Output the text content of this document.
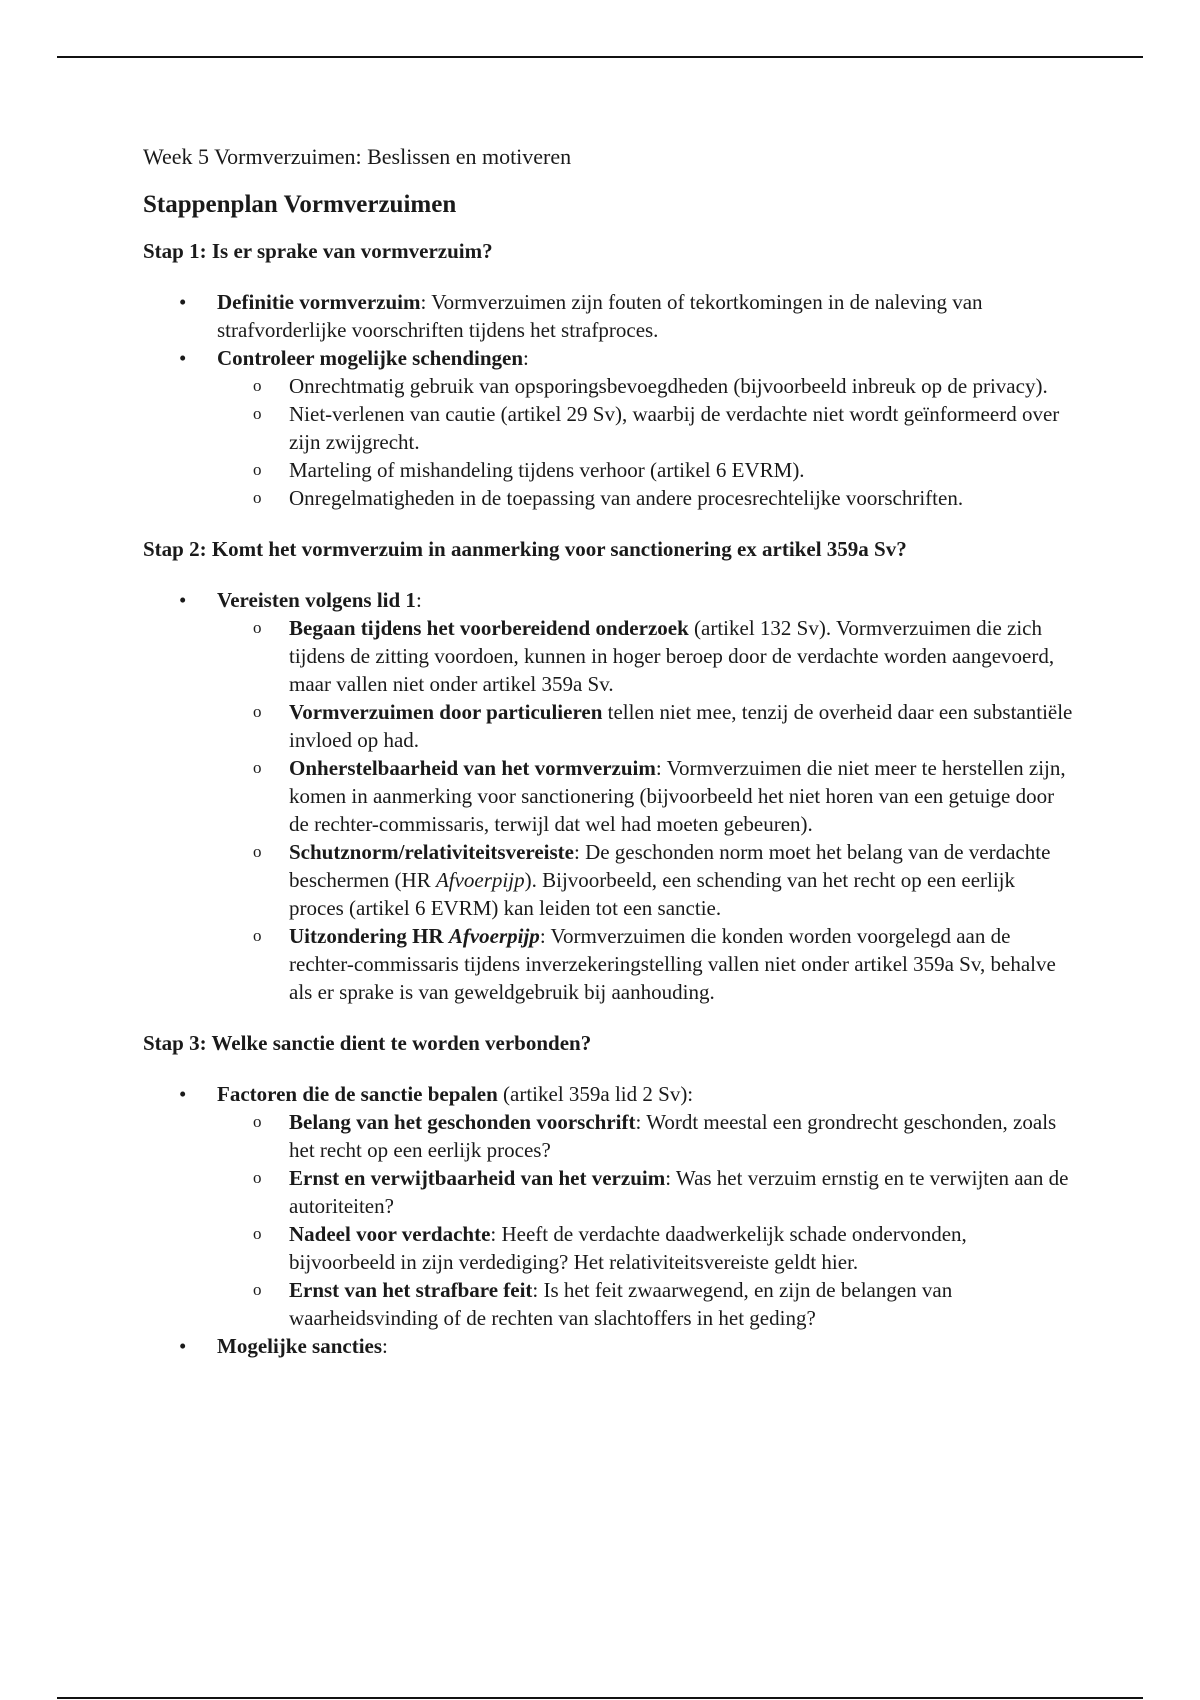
Week 5 Vormverzuimen: Beslissen en motiveren

Stappenplan Vormverzuimen
Stap 1: Is er sprake van vormverzuim?
• Definitie vormverzuim: Vormverzuimen zijn fouten of tekortkomingen in de naleving van strafvorderlijke voorschriften tijdens het strafproces.
• Controleer mogelijke schendingen:
o Onrechtmatig gebruik van opsporingsbevoegdheden (bijvoorbeeld inbreuk op de privacy).
o Niet-verlenen van cautie (artikel 29 Sv), waarbij de verdachte niet wordt geïnformeerd over zijn zwijgrecht.
o Marteling of mishandeling tijdens verhoor (artikel 6 EVRM).
o Onregelmatigheden in de toepassing van andere procesrechtelijke voorschriften.
Stap 2: Komt het vormverzuim in aanmerking voor sanctionering ex artikel 359a Sv?
• Vereisten volgens lid 1:
o Begaan tijdens het voorbereidend onderzoek (artikel 132 Sv). Vormverzuimen die zich tijdens de zitting voordoen, kunnen in hoger beroep door de verdachte worden aangevoerd, maar vallen niet onder artikel 359a Sv.
o Vormverzuimen door particulieren tellen niet mee, tenzij de overheid daar een substantiële invloed op had.
o Onherstelbaarheid van het vormverzuim: Vormverzuimen die niet meer te herstellen zijn, komen in aanmerking voor sanctionering (bijvoorbeeld het niet horen van een getuige door de rechter-commissaris, terwijl dat wel had moeten gebeuren).
o Schutznorm/relativiteitsvereiste: De geschonden norm moet het belang van de verdachte beschermen (HR Afvoerpijp). Bijvoorbeeld, een schending van het recht op een eerlijk proces (artikel 6 EVRM) kan leiden tot een sanctie.
o Uitzondering HR Afvoerpijp: Vormverzuimen die konden worden voorgelegd aan de rechter-commissaris tijdens inverzekeringstelling vallen niet onder artikel 359a Sv, behalve als er sprake is van geweldgebruik bij aanhouding.
Stap 3: Welke sanctie dient te worden verbonden?
• Factoren die de sanctie bepalen (artikel 359a lid 2 Sv):
o Belang van het geschonden voorschrift: Wordt meestal een grondrecht geschonden, zoals het recht op een eerlijk proces?
o Ernst en verwijtbaarheid van het verzuim: Was het verzuim ernstig en te verwijten aan de autoriteiten?
o Nadeel voor verdachte: Heeft de verdachte daadwerkelijk schade ondervonden, bijvoorbeeld in zijn verdediging? Het relativiteitsvereiste geldt hier.
o Ernst van het strafbare feit: Is het feit zwaarwegend, en zijn de belangen van waarheidsvinding of de rechten van slachtoffers in het geding?
• Mogelijke sancties:
